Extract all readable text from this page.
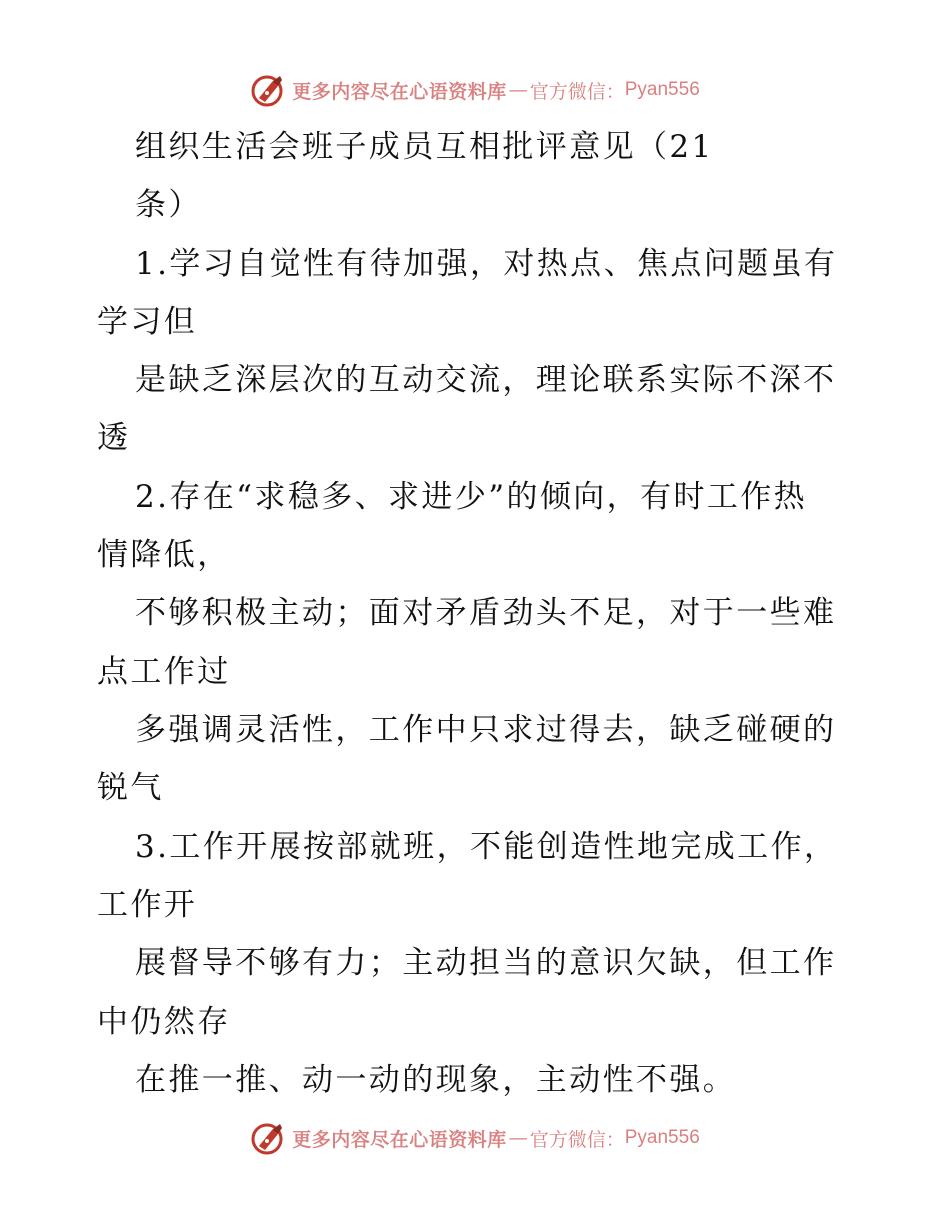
更多内容尽在心语资料库 — 官方微信： Pyan556
组织生活会班子成员互相批评意见（21
条）
1.学习自觉性有待加强，对热点、焦点问题虽有
学习但
是缺乏深层次的互动交流，理论联系实际不深不
透
2.存在“求稳多、求进少”的倾向，有时工作热
情降低，
不够积极主动；面对矛盾劲头不足，对于一些难
点工作过
多强调灵活性，工作中只求过得去，缺乏碰硬的
锐气
3.工作开展按部就班，不能创造性地完成工作，
工作开
展督导不够有力；主动担当的意识欠缺，但工作
中仍然存
在推一推、动一动的现象，主动性不强。
更多内容尽在心语资料库 — 官方微信： Pyan556
